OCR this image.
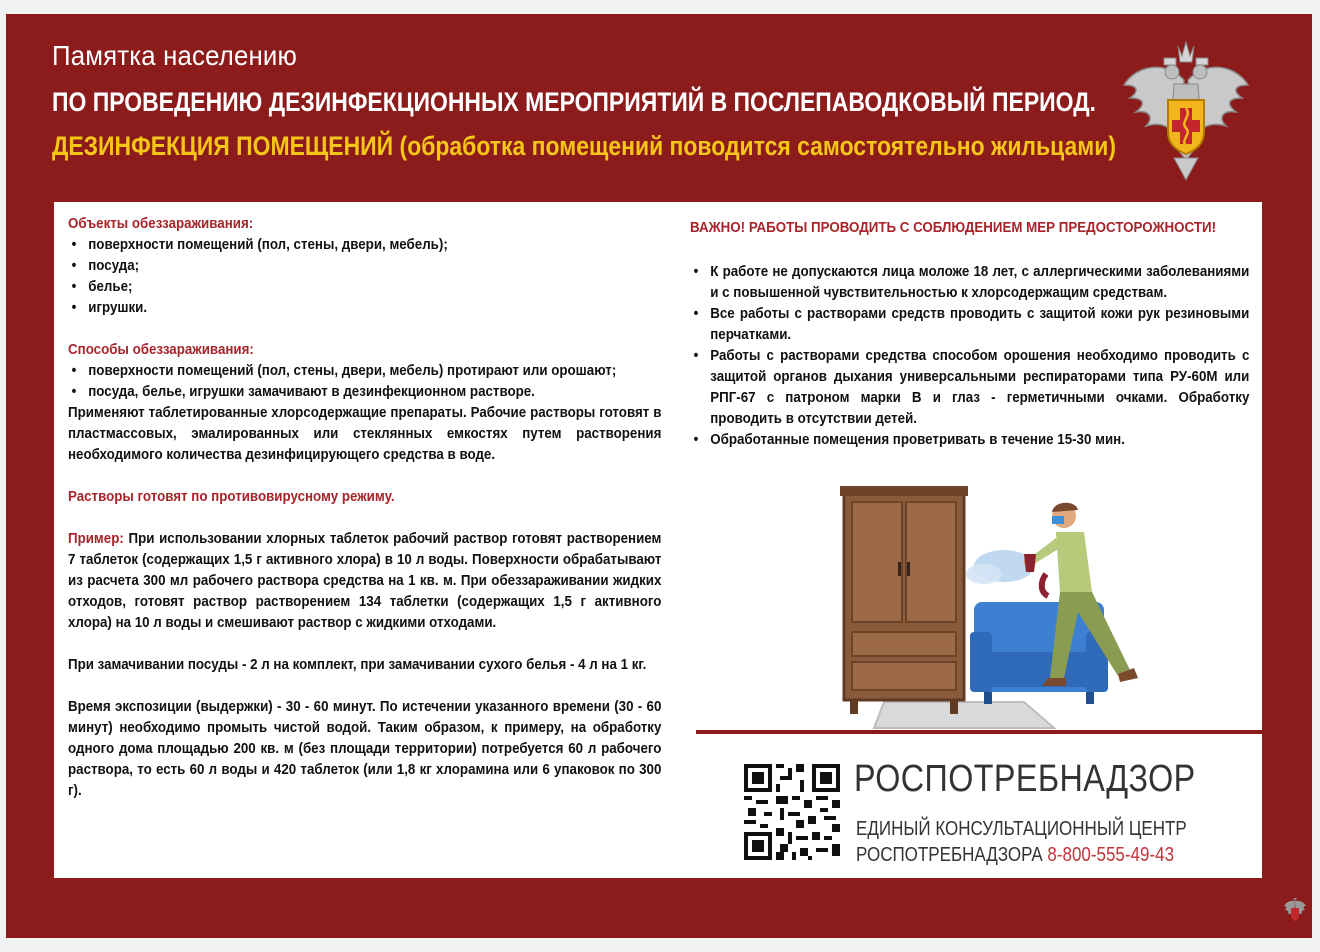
Памятка населению
ПО ПРОВЕДЕНИЮ ДЕЗИНФЕКЦИОННЫХ МЕРОПРИЯТИЙ В ПОСЛЕПАВОДКОВЫЙ ПЕРИОД.
ДЕЗИНФЕКЦИЯ ПОМЕЩЕНИЙ (обработка помещений поводится самостоятельно жильцами)
Объекты обеззараживания:
• поверхности помещений (пол, стены, двери, мебель);
• посуда;
• белье;
• игрушки.
Способы обеззараживания:
• поверхности помещений (пол, стены, двери, мебель) протирают или орошают;
• посуда, белье, игрушки замачивают в дезинфекционном растворе.
Применяют таблетированные хлорсодержащие препараты. Рабочие растворы готовят в пластмассовых, эмалированных или стеклянных емкостях путем растворения необходимого количества дезинфицирующего средства в воде.
Растворы готовят по противовирусному режиму.
Пример: При использовании хлорных таблеток рабочий раствор готовят растворением 7 таблеток (содержащих 1,5 г активного хлора) в 10 л воды. Поверхности обрабатывают из расчета 300 мл рабочего раствора средства на 1 кв. м. При обеззараживании жидких отходов, готовят раствор растворением 134 таблетки (содержащих 1,5 г активного хлора) на 10 л воды и смешивают раствор с жидкими отходами.
При замачивании посуды - 2 л на комплект, при замачивании сухого белья - 4 л на 1 кг.
Время экспозиции (выдержки) - 30 - 60 минут. По истечении указанного времени (30 - 60 минут) необходимо промыть чистой водой. Таким образом, к примеру, на обработку одного дома площадью 200 кв. м (без площади территории) потребуется 60 л рабочего раствора, то есть 60 л воды и 420 таблеток (или 1,8 кг хлорамина или 6 упаковок по 300 г).
ВАЖНО! РАБОТЫ ПРОВОДИТЬ С СОБЛЮДЕНИЕМ МЕР ПРЕДОСТОРОЖНОСТИ!
• К работе не допускаются лица моложе 18 лет, с аллергическими заболеваниями и с повышенной чувствительностью к хлорсодержащим средствам.
• Все работы с растворами средств проводить с защитой кожи рук резиновыми перчатками.
• Работы с растворами средства способом орошения необходимо проводить с защитой органов дыхания универсальными респираторами типа РУ-60М или РПГ-67 с патроном марки В и глаз - герметичными очками. Обработку проводить в отсутствии детей.
• Обработанные помещения проветривать в течение 15-30 мин.
РОСПОТРЕБНАДЗОР
ЕДИНЫЙ КОНСУЛЬТАЦИОННЫЙ ЦЕНТР
РОСПОТРЕБНАДЗОРА 8-800-555-49-43
